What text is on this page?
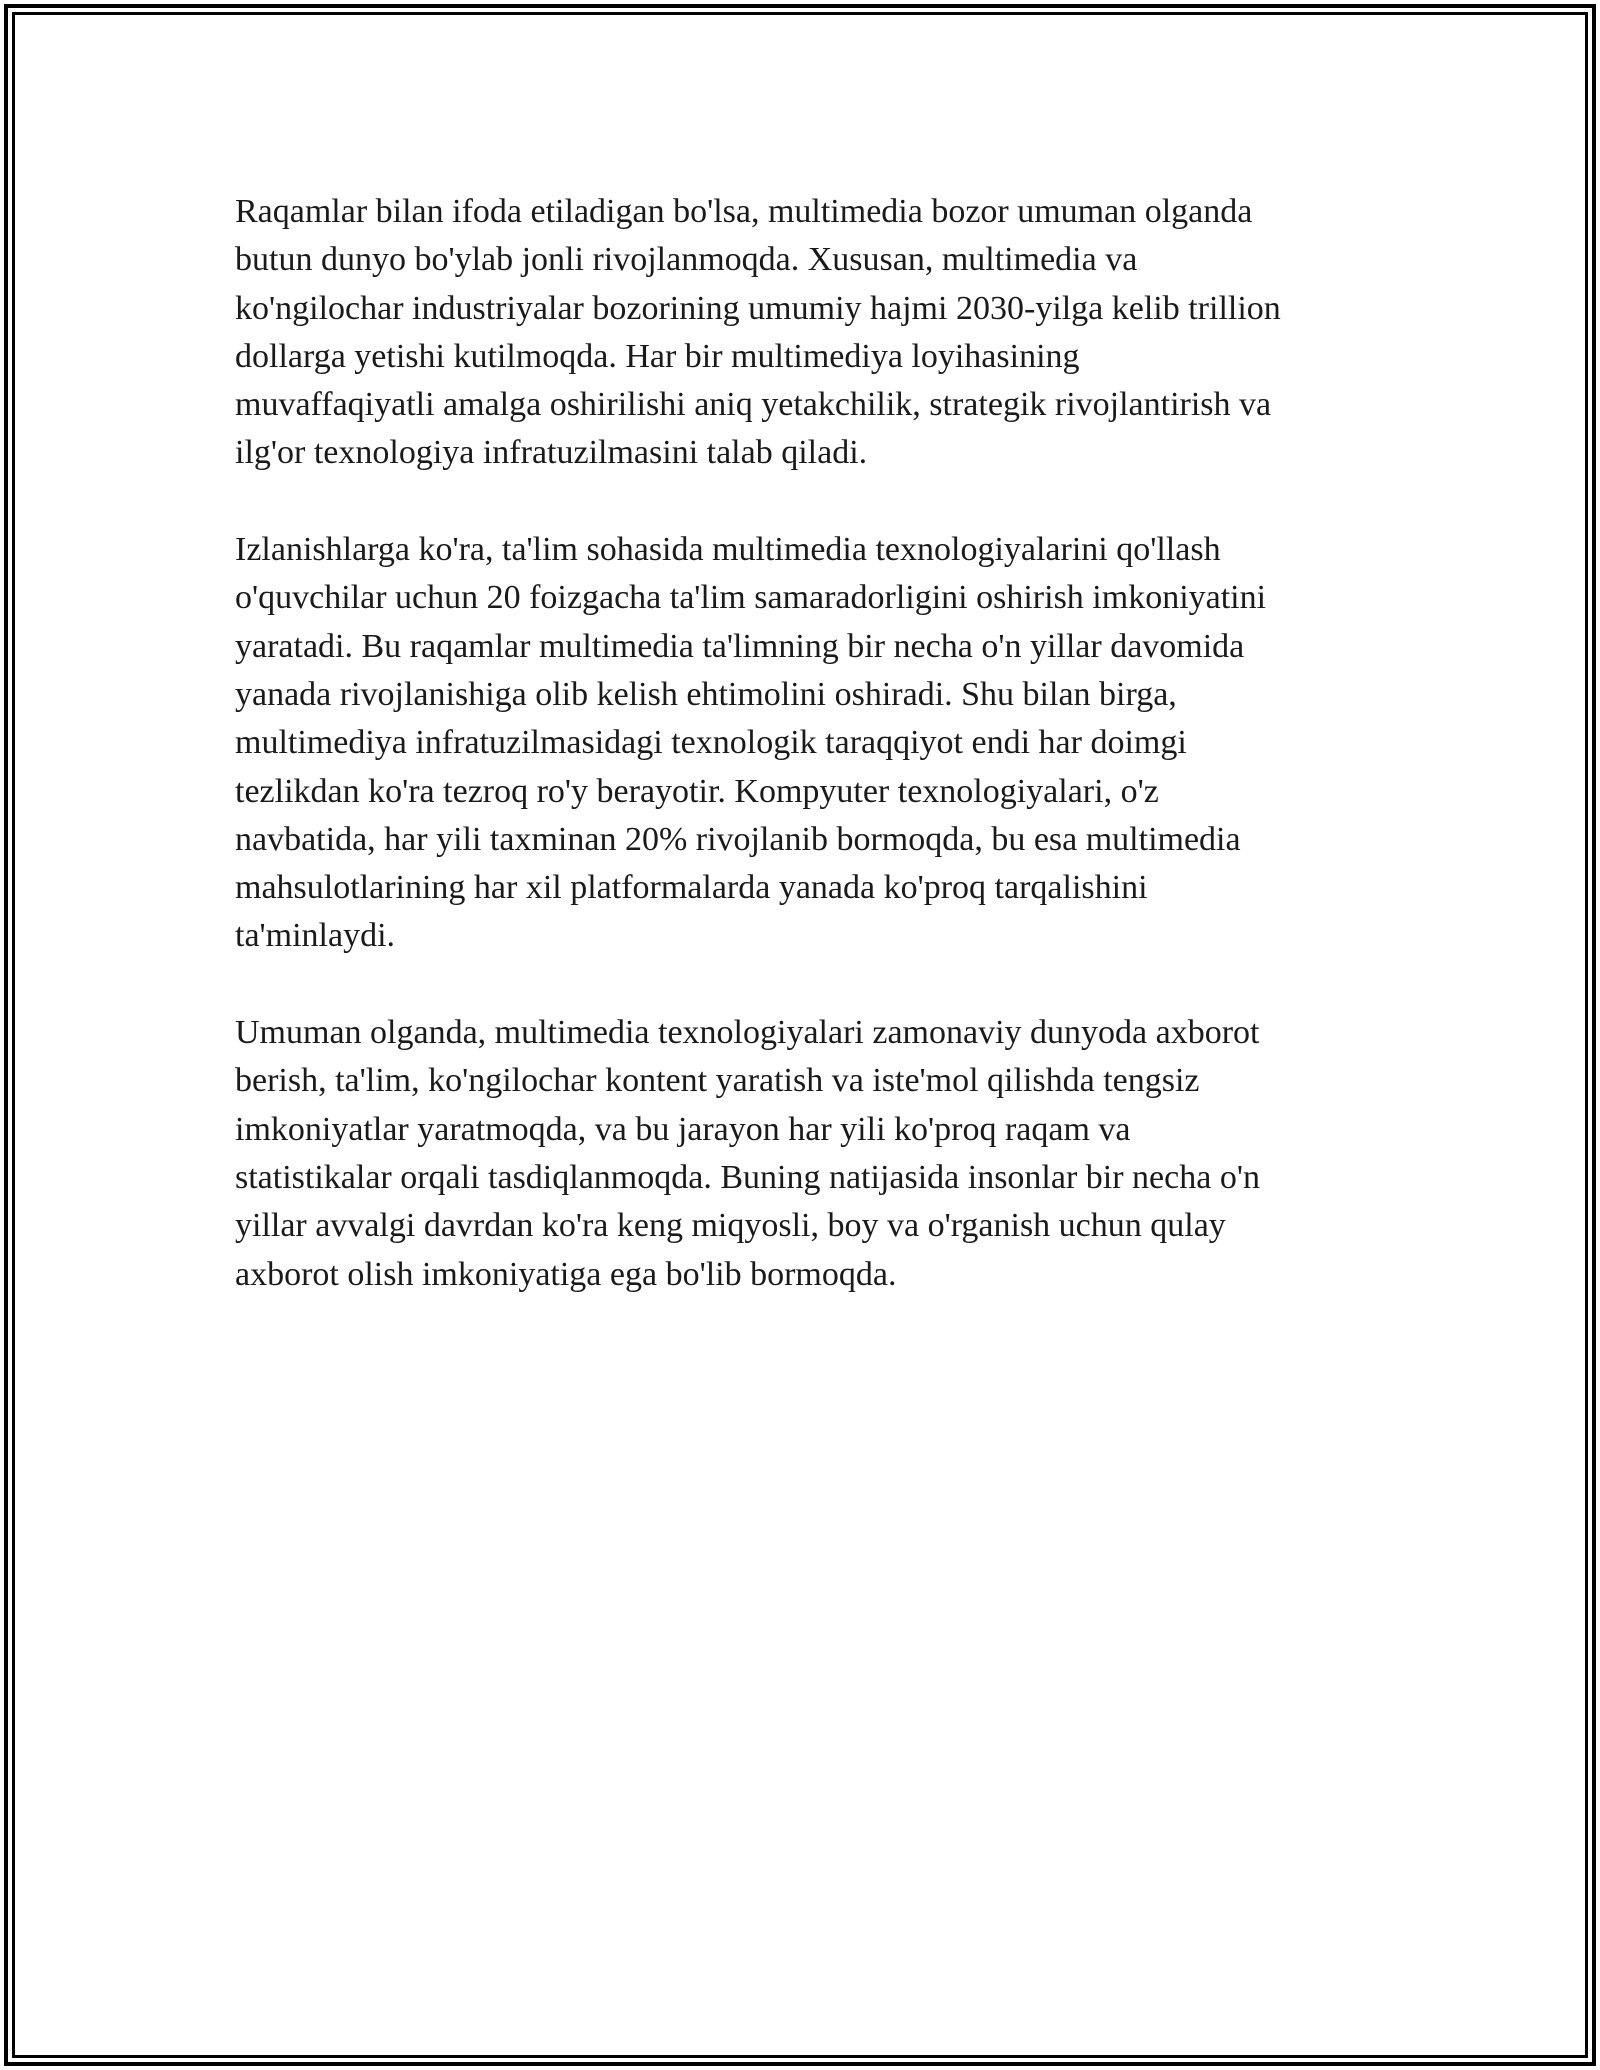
Raqamlar bilan ifoda etiladigan bo'lsa, multimedia bozor umuman olganda
butun dunyo bo'ylab jonli rivojlanmoqda. Xususan, multimedia va
ko'ngilochar industriyalar bozorining umumiy hajmi 2030-yilga kelib trillion
dollarga yetishi kutilmoqda. Har bir multimediya loyihasining
muvaffaqiyatli amalga oshirilishi aniq yetakchilik, strategik rivojlantirish va
ilg'or texnologiya infratuzilmasini talab qiladi.

Izlanishlarga ko'ra, ta'lim sohasida multimedia texnologiyalarini qo'llash
o'quvchilar uchun 20 foizgacha ta'lim samaradorligini oshirish imkoniyatini
yaratadi. Bu raqamlar multimedia ta'limning bir necha o'n yillar davomida
yanada rivojlanishiga olib kelish ehtimolini oshiradi. Shu bilan birga,
multimediya infratuzilmasidagi texnologik taraqqiyot endi har doimgi
tezlikdan ko'ra tezroq ro'y berayotir. Kompyuter texnologiyalari, o'z
navbatida, har yili taxminan 20% rivojlanib bormoqda, bu esa multimedia
mahsulotlarining har xil platformalarda yanada ko'proq tarqalishini
ta'minlaydi.

Umuman olganda, multimedia texnologiyalari zamonaviy dunyoda axborot
berish, ta'lim, ko'ngilochar kontent yaratish va iste'mol qilishda tengsiz
imkoniyatlar yaratmoqda, va bu jarayon har yili ko'proq raqam va
statistikalar orqali tasdiqlanmoqda. Buning natijasida insonlar bir necha o'n
yillar avvalgi davrdan ko'ra keng miqyosli, boy va o'rganish uchun qulay
axborot olish imkoniyatiga ega bo'lib bormoqda.
